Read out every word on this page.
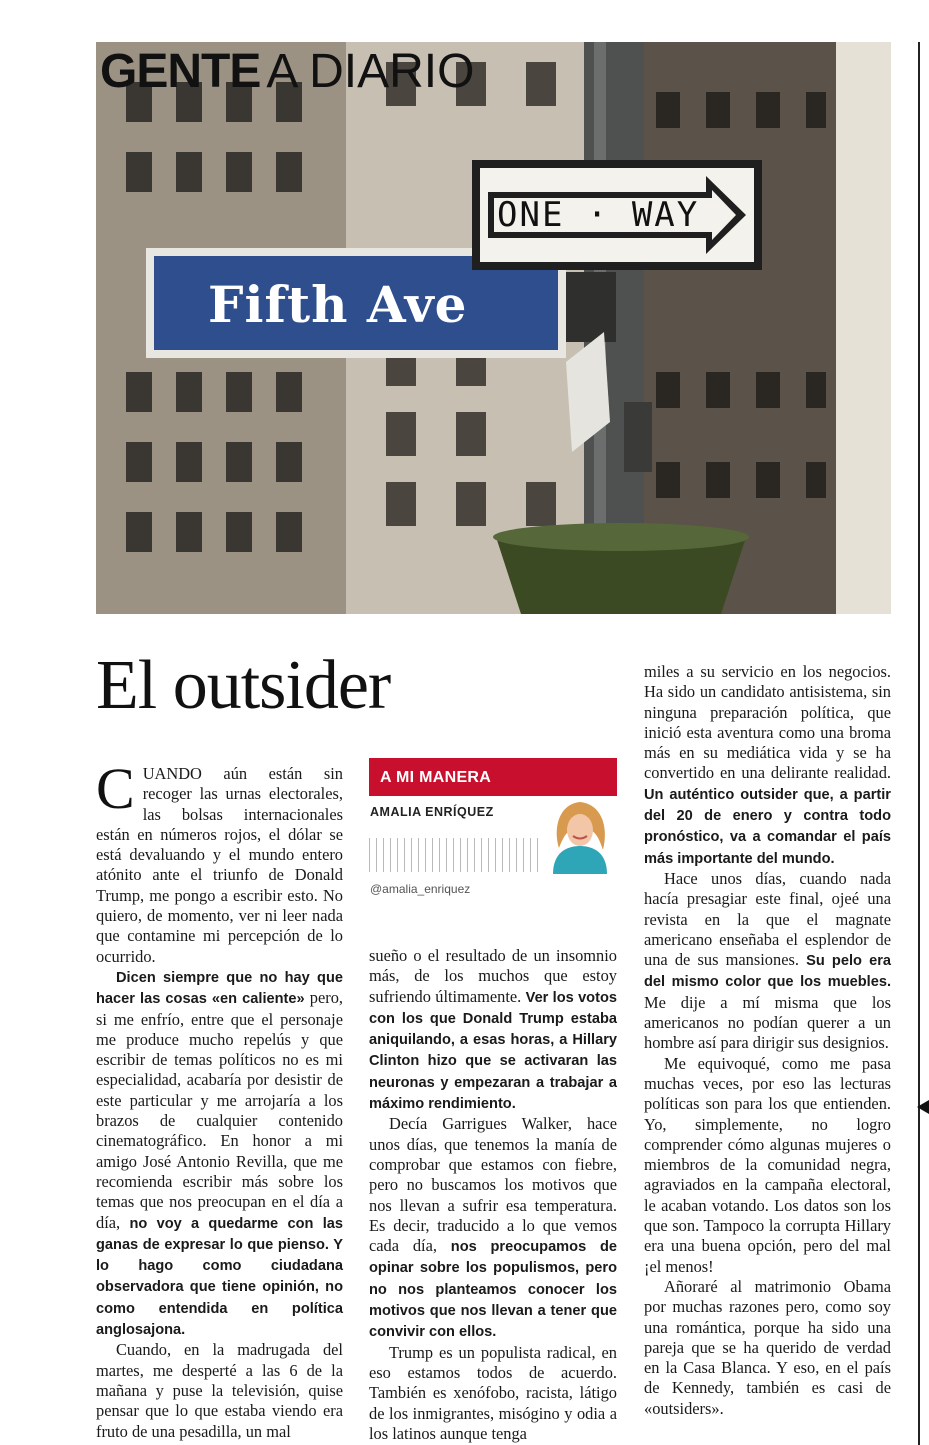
Fifth Ave
ONE · WAY
GENTE A DIARIO
El outsider

CUANDO aún están sin recoger las urnas electorales, las bolsas internacionales están en números rojos, el dólar se está devaluando y el mundo entero atónito ante el triunfo de Donald Trump, me pongo a escribir esto. No quiero, de momento, ver ni leer nada que contamine mi percepción de lo ocurrido.

Dicen siempre que no hay que hacer las cosas «en caliente» pero, si me enfrío, entre que el personaje me produce mucho repelús y que escribir de temas políticos no es mi especialidad, acabaría por desistir de este particular y me arrojaría a los brazos de cualquier contenido cinematográfico. En honor a mi amigo José Antonio Revilla, que me recomienda escribir más sobre los temas que nos preocupan en el día a día, no voy a quedarme con las ganas de expresar lo que pienso. Y lo hago como ciudadana observadora que tiene opinión, no como entendida en política anglosajona.

Cuando, en la madrugada del martes, me desperté a las 6 de la mañana y puse la televisión, quise pensar que lo que estaba viendo era fruto de una pesadilla, un mal

A MI MANERA
AMALIA ENRÍQUEZ
@amalia_enriquez

sueño o el resultado de un insomnio más, de los muchos que estoy sufriendo últimamente. Ver los votos con los que Donald Trump estaba aniquilando, a esas horas, a Hillary Clinton hizo que se activaran las neuronas y empezaran a trabajar a máximo rendimiento.

Decía Garrigues Walker, hace unos días, que tenemos la manía de comprobar que estamos con fiebre, pero no buscamos los motivos que nos llevan a sufrir esa temperatura. Es decir, traducido a lo que vemos cada día, nos preocupamos de opinar sobre los populismos, pero no nos planteamos conocer los motivos que nos llevan a tener que convivir con ellos.

Trump es un populista radical, en eso estamos todos de acuerdo. También es xenófobo, racista, látigo de los inmigrantes, misógino y odia a los latinos aunque tenga

miles a su servicio en los negocios. Ha sido un candidato antisistema, sin ninguna preparación política, que inició esta aventura como una broma más en su mediática vida y se ha convertido en una delirante realidad. Un auténtico outsider que, a partir del 20 de enero y contra todo pronóstico, va a comandar el país más importante del mundo.

Hace unos días, cuando nada hacía presagiar este final, ojeé una revista en la que el magnate americano enseñaba el esplendor de una de sus mansiones. Su pelo era del mismo color que los muebles. Me dije a mí misma que los americanos no podían querer a un hombre así para dirigir sus designios.

Me equivoqué, como me pasa muchas veces, por eso las lecturas políticas son para los que entienden. Yo, simplemente, no logro comprender cómo algunas mujeres o miembros de la comunidad negra, agraviados en la campaña electoral, le acaban votando. Los datos son los que son. Tampoco la corrupta Hillary era una buena opción, pero del mal ¡el menos!

Añoraré al matrimonio Obama por muchas razones pero, como soy una romántica, porque ha sido una pareja que se ha querido de verdad en la Casa Blanca. Y eso, en el país de Kennedy, también es casi de «outsiders».
